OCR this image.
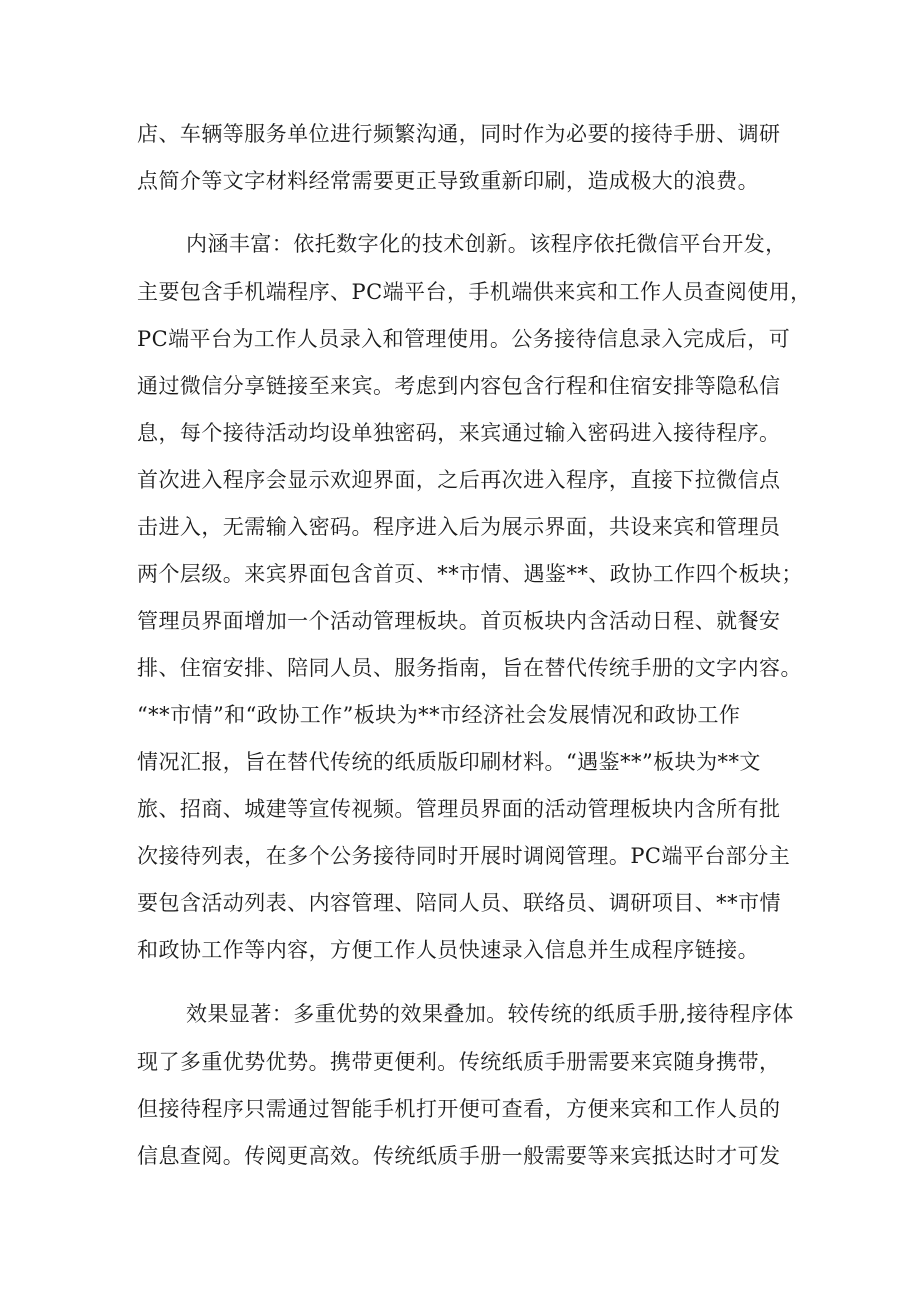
店、车辆等服务单位进行频繁沟通，同时作为必要的接待手册、调研
点简介等文字材料经常需要更正导致重新印刷，造成极大的浪费。
内涵丰富：依托数字化的技术创新。该程序依托微信平台开发，
主要包含手机端程序、PC端平台，手机端供来宾和工作人员查阅使用，
PC端平台为工作人员录入和管理使用。公务接待信息录入完成后，可
通过微信分享链接至来宾。考虑到内容包含行程和住宿安排等隐私信
息，每个接待活动均设单独密码，来宾通过输入密码进入接待程序。
首次进入程序会显示欢迎界面，之后再次进入程序，直接下拉微信点
击进入，无需输入密码。程序进入后为展示界面，共设来宾和管理员
两个层级。来宾界面包含首页、**市情、遇鉴**、政协工作四个板块；
管理员界面增加一个活动管理板块。首页板块内含活动日程、就餐安
排、住宿安排、陪同人员、服务指南，旨在替代传统手册的文字内容。
“**市情”和“政协工作”板块为**市经济社会发展情况和政协工作
情况汇报，旨在替代传统的纸质版印刷材料。“遇鉴**”板块为**文
旅、招商、城建等宣传视频。管理员界面的活动管理板块内含所有批
次接待列表，在多个公务接待同时开展时调阅管理。PC端平台部分主
要包含活动列表、内容管理、陪同人员、联络员、调研项目、**市情
和政协工作等内容，方便工作人员快速录入信息并生成程序链接。
效果显著：多重优势的效果叠加。较传统的纸质手册,接待程序体
现了多重优势优势。携带更便利。传统纸质手册需要来宾随身携带，
但接待程序只需通过智能手机打开便可查看，方便来宾和工作人员的
信息查阅。传阅更高效。传统纸质手册一般需要等来宾抵达时才可发
